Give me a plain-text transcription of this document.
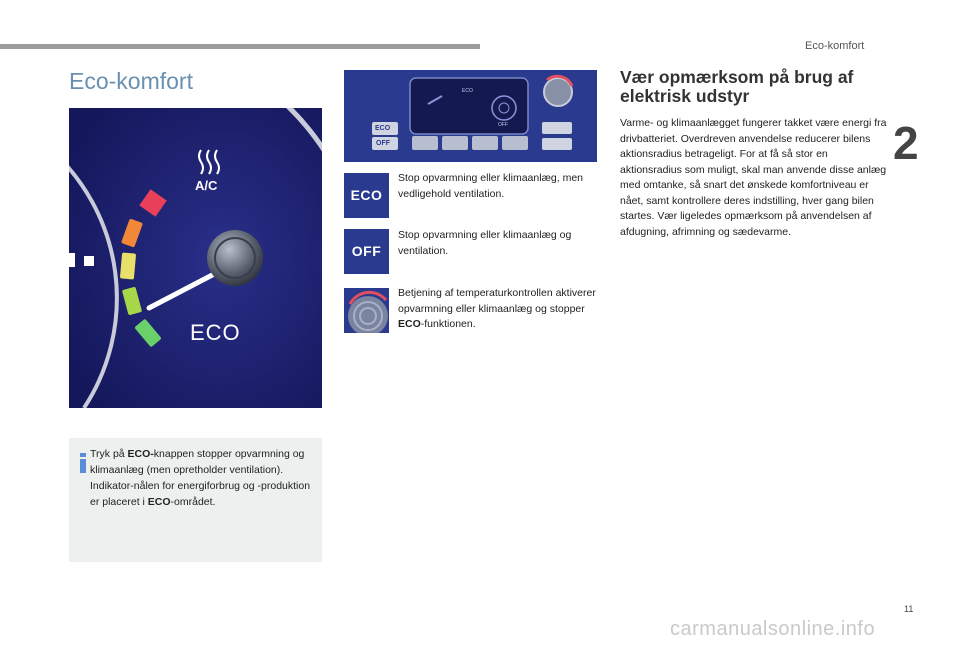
Eco-komfort
2
Eco-komfort
A/C
ECO
Tryk på ECO-knappen stopper opvarmning og klimaanlæg (men opretholder ventilation). Indikator-nålen for energiforbrug og -produktion er placeret i ECO-området.
ECO
OFF
ECO
OFF
ECO
Stop opvarmning eller klimaanlæg, men vedligehold ventilation.
OFF
Stop opvarmning eller klimaanlæg og ventilation.
Betjening af temperaturkontrollen aktiverer opvarmning eller klimaanlæg og stopper ECO-funktionen.
Vær opmærksom på brug af elektrisk udstyr

Varme- og klimaanlægget fungerer takket være energi fra drivbatteriet. Overdreven anvendelse reducerer bilens aktionsradius betrageligt. For at få så stor en aktionsradius som muligt, skal man anvende disse anlæg med omtanke, så snart det ønskede komfortniveau er nået, samt kontrollere deres indstilling, hver gang bilen startes. Vær ligeledes opmærksom på anvendelsen af afdugning, afrimning og sædevarme.

11
carmanualsonline.info
